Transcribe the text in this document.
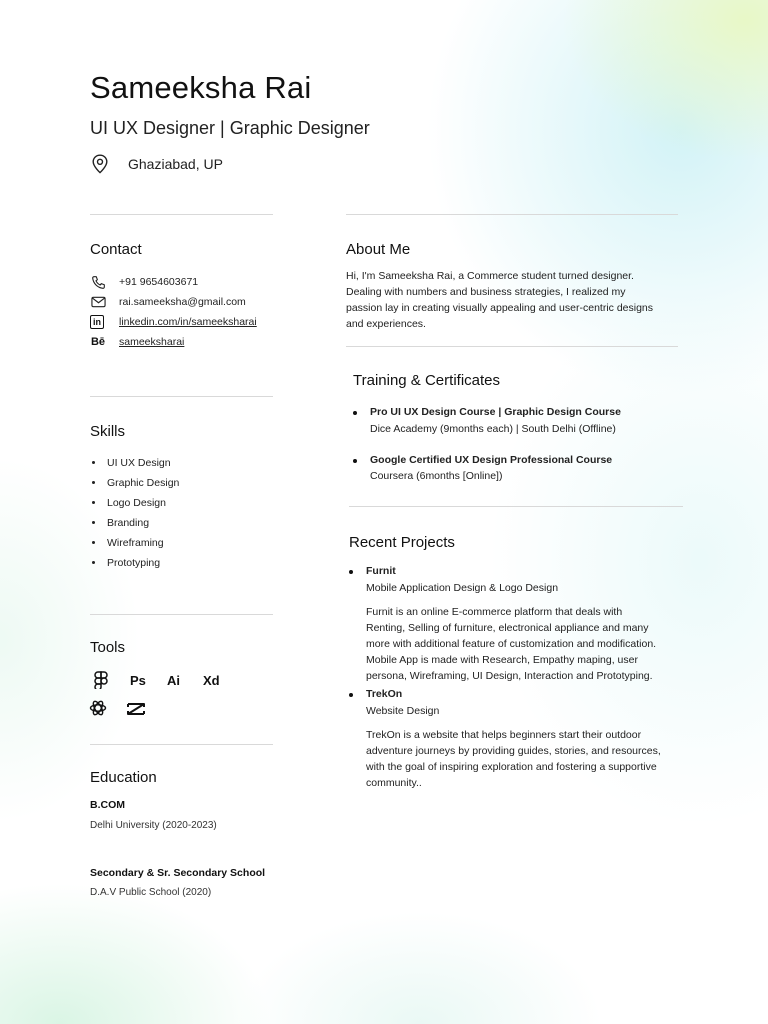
Sameeksha Rai
UI UX Designer | Graphic Designer
Ghaziabad, UP
Contact
+91 9654603671
rai.sameeksha@gmail.com
in linkedin.com/in/sameeksharai
Bē sameeksharai
Skills
UI UX Design
Graphic Design
Logo Design
Branding
Wireframing
Prototyping
Tools
Ps Ai Xd
Education
B.COM
Delhi University (2020-2023)
Secondary & Sr. Secondary School
D.A.V Public School (2020)
About Me
Hi, I'm Sameeksha Rai, a Commerce student turned designer.
Dealing with numbers and business strategies, I realized my
passion lay in creating visually appealing and user-centric designs
and experiences.
Training & Certificates
Pro UI UX Design Course | Graphic Design Course
Dice Academy (9months each) | South Delhi (Offline)
Google Certified UX Design Professional Course
Coursera (6months [Online])
Recent Projects
Furnit
Mobile Application Design & Logo Design
Furnit is an online E-commerce platform that deals with
Renting, Selling of furniture, electronical appliance and many
more with additional feature of customization and modification.
Mobile App is made with Research, Empathy maping, user
persona, Wireframing, UI Design, Interaction and Prototyping.
TrekOn
Website Design
TrekOn is a website that helps beginners start their outdoor
adventure journeys by providing guides, stories, and resources,
with the goal of inspiring exploration and fostering a supportive
community..
